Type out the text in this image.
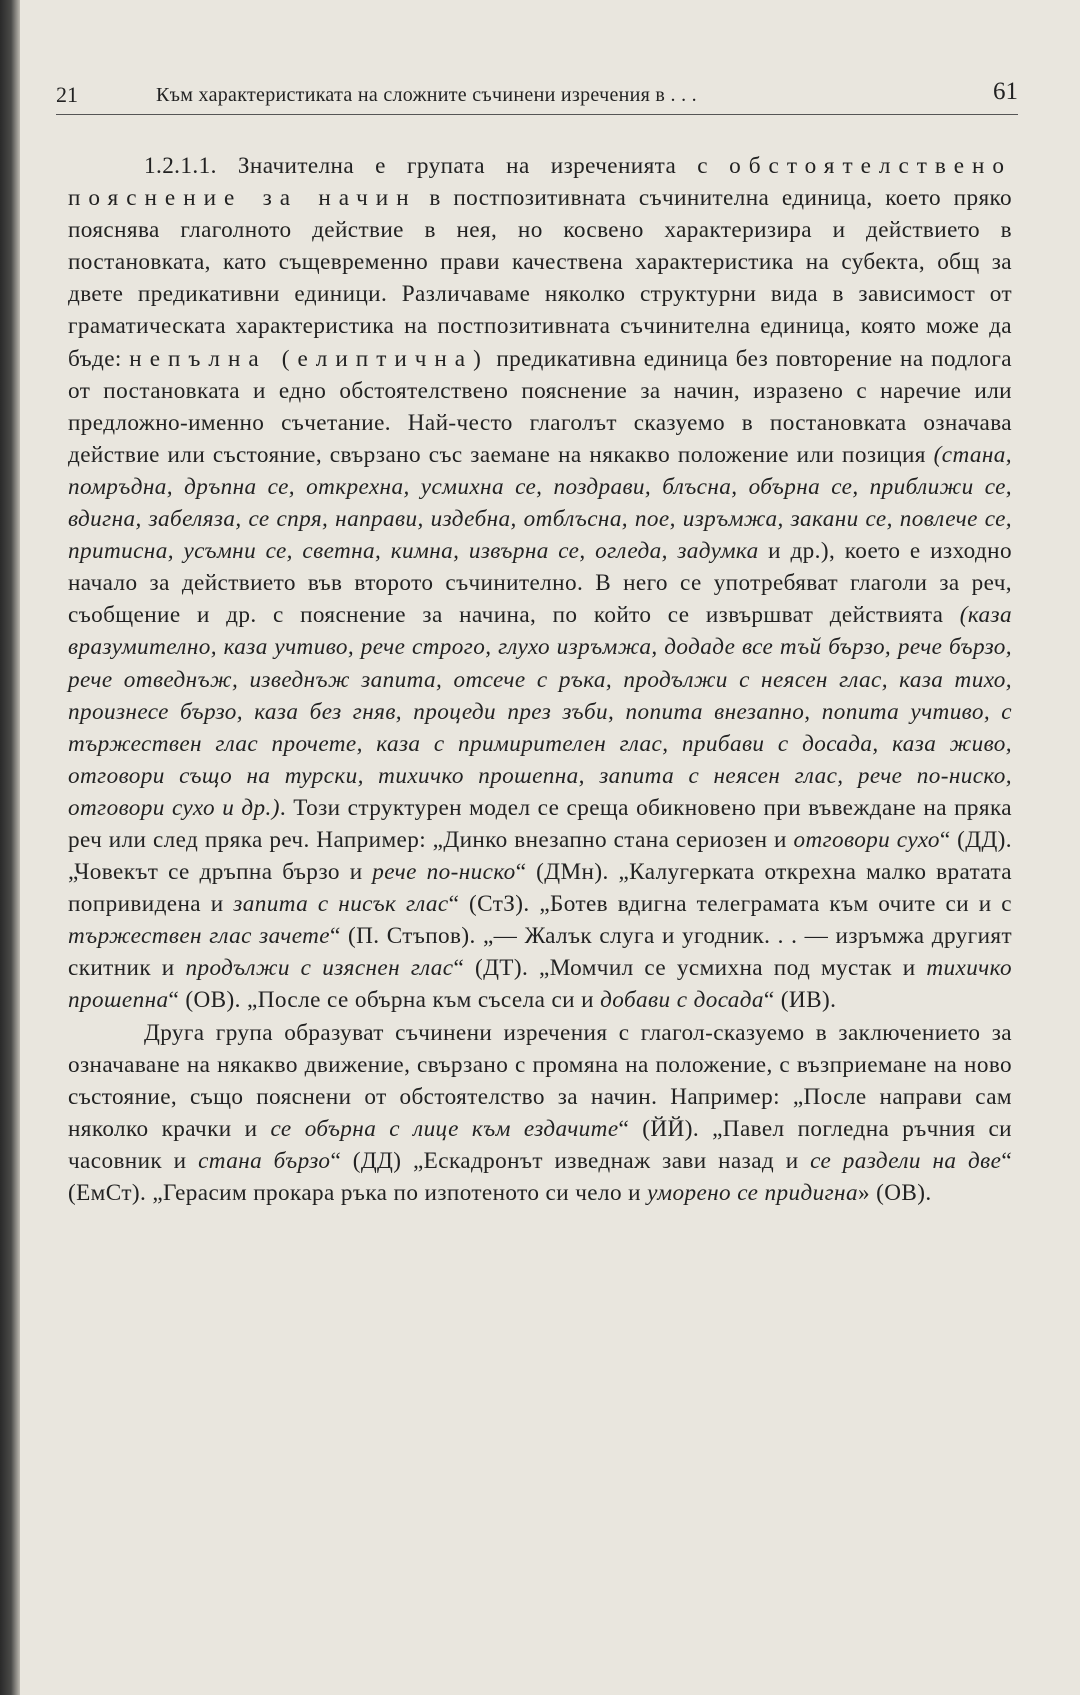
21	Към характеристиката на сложните съчинени изречения в . . .	61

1.2.1.1. Значителна е групата на изреченията с обстоятелствено пояснение за начин в постпозитивната съчинителна единица, което пряко пояснява глаголното действие в нея, но косвено характеризира и действието в постановката, като същевременно прави качествена характеристика на субекта, общ за двете предикативни единици. Различаваме няколко структурни вида в зависимост от граматическата характеристика на постпозитивната съчинителна единица, която може да бъде: непълна (елиптична) предикативна единица без повторение на подлога от постановката и едно обстоятелствено пояснение за начин, изразено с наречие или предложно-именно съчетание. Най-често глаголът сказуемо в постановката означава действие или състояние, свързано със заемане на някакво положение или позиция (стана, помръдна, дръпна се, открехна, усмихна се, поздрави, блъсна, обърна се, приближи се, вдигна, забеляза, се спря, направи, издебна, отблъсна, пое, изръмжа, закани се, повлече се, притисна, усъмни се, светна, кимна, извърна се, огледа, задумка и др.), което е изходно начало за действието във второто съчинително. В него се употребяват глаголи за реч, съобщение и др. с пояснение за начина, по който се извършват действията (каза вразумително, каза учтиво, рече строго, глухо изръмжа, додаде все тъй бързо, рече бързо, рече отведнъж, изведнъж запита, отсече с ръка, продължи с неясен глас, каза тихо, произнесе бързо, каза без гняв, процеди през зъби, попита внезапно, попита учтиво, с тържествен глас прочете, каза с примирителен глас, прибави с досада, каза живо, отговори също на турски, тихичко прошепна, запита с неясен глас, рече по-ниско, отговори сухо и др.). Този структурен модел се среща обикновено при въвеждане на пряка реч или след пряка реч. Например: „Динко внезапно стана сериозен и отговори сухо“ (ДД). „Човекът се дръпна бързо и рече по-ниско“ (ДМн). „Калугерката открехна малко вратата попривидена и запита с нисък глас“ (СтЗ). „Ботев вдигна телеграмата към очите си и с тържествен глас зачете“ (П. Стъпов). „— Жалък слуга и угодник. . . — изръмжа другият скитник и продължи с изяснен глас“ (ДТ). „Момчил се усмихна под мустак и тихичко прошепна“ (ОВ). „После се обърна към съсела си и добави с досада“ (ИВ).

Друга група образуват съчинени изречения с глагол-сказуемо в заключението за означаване на някакво движение, свързано с промяна на положение, с възприемане на ново състояние, също пояснени от обстоятелство за начин. Например: „После направи сам няколко крачки и се обърна с лице към ездачите“ (ЙЙ). „Павел погледна ръчния си часовник и стана бързо“ (ДД) „Ескадронът изведнаж зави назад и се раздели на две“ (ЕмСт). „Герасим прокара ръка по изпотеното си чело и уморено се придигна» (ОВ).
